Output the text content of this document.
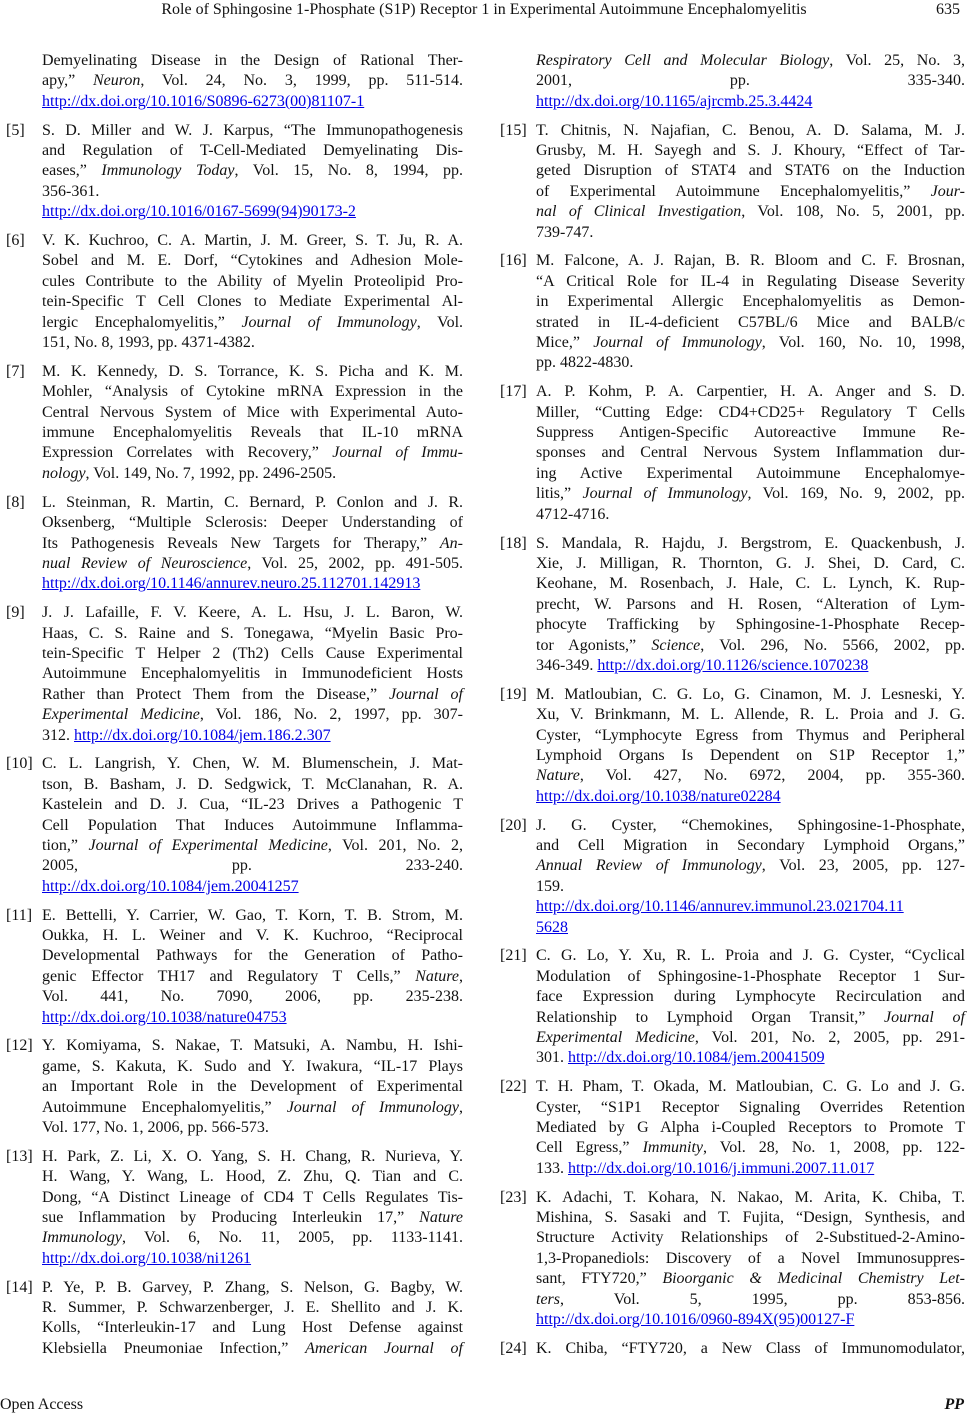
Role of Sphingosine 1-Phosphate (S1P) Receptor 1 in Experimental Autoimmune Encephalomyelitis	635
Demyelinating Disease in the Design of Rational Ther-
apy,” Neuron, Vol. 24, No. 3, 1999, pp. 511-514.
http://dx.doi.org/10.1016/S0896-6273(00)81107-1
[5]	S. D. Miller and W. J. Karpus, “The Immunopathogenesis
and Regulation of T-Cell-Mediated Demyelinating Dis-
eases,” Immunology Today, Vol. 15, No. 8, 1994, pp.
356-361.
http://dx.doi.org/10.1016/0167-5699(94)90173-2
[6]	V. K. Kuchroo, C. A. Martin, J. M. Greer, S. T. Ju, R. A.
Sobel and M. E. Dorf, “Cytokines and Adhesion Mole-
cules Contribute to the Ability of Myelin Proteolipid Pro-
tein-Specific T Cell Clones to Mediate Experimental Al-
lergic Encephalomyelitis,” Journal of Immunology, Vol.
151, No. 8, 1993, pp. 4371-4382.
[7]	M. K. Kennedy, D. S. Torrance, K. S. Picha and K. M.
Mohler, “Analysis of Cytokine mRNA Expression in the
Central Nervous System of Mice with Experimental Auto-
immune Encephalomyelitis Reveals that IL-10 mRNA
Expression Correlates with Recovery,” Journal of Immu-
nology, Vol. 149, No. 7, 1992, pp. 2496-2505.
[8]	L. Steinman, R. Martin, C. Bernard, P. Conlon and J. R.
Oksenberg, “Multiple Sclerosis: Deeper Understanding of
Its Pathogenesis Reveals New Targets for Therapy,” An-
nual Review of Neuroscience, Vol. 25, 2002, pp. 491-505.
http://dx.doi.org/10.1146/annurev.neuro.25.112701.142913
[9]	J. J. Lafaille, F. V. Keere, A. L. Hsu, J. L. Baron, W.
Haas, C. S. Raine and S. Tonegawa, “Myelin Basic Pro-
tein-Specific T Helper 2 (Th2) Cells Cause Experimental
Autoimmune Encephalomyelitis in Immunodeficient Hosts
Rather than Protect Them from the Disease,” Journal of
Experimental Medicine, Vol. 186, No. 2, 1997, pp. 307-
312. http://dx.doi.org/10.1084/jem.186.2.307
[10] C. L. Langrish, Y. Chen, W. M. Blumenschein, J. Mat-
tson, B. Basham, J. D. Sedgwick, T. McClanahan, R. A.
Kastelein and D. J. Cua, “IL-23 Drives a Pathogenic T
Cell Population That Induces Autoimmune Inflamma-
tion,” Journal of Experimental Medicine, Vol. 201, No. 2,
2005, pp. 233-240.
http://dx.doi.org/10.1084/jem.20041257
[11] E. Bettelli, Y. Carrier, W. Gao, T. Korn, T. B. Strom, M.
Oukka, H. L. Weiner and V. K. Kuchroo, “Reciprocal
Developmental Pathways for the Generation of Patho-
genic Effector TH17 and Regulatory T Cells,” Nature,
Vol. 441, No. 7090, 2006, pp. 235-238.
http://dx.doi.org/10.1038/nature04753
[12] Y. Komiyama, S. Nakae, T. Matsuki, A. Nambu, H. Ishi-
game, S. Kakuta, K. Sudo and Y. Iwakura, “IL-17 Plays
an Important Role in the Development of Experimental
Autoimmune Encephalomyelitis,” Journal of Immunology,
Vol. 177, No. 1, 2006, pp. 566-573.
[13] H. Park, Z. Li, X. O. Yang, S. H. Chang, R. Nurieva, Y.
H. Wang, Y. Wang, L. Hood, Z. Zhu, Q. Tian and C.
Dong, “A Distinct Lineage of CD4 T Cells Regulates Tis-
sue Inflammation by Producing Interleukin 17,” Nature
Immunology, Vol. 6, No. 11, 2005, pp. 1133-1141.
http://dx.doi.org/10.1038/ni1261
[14] P. Ye, P. B. Garvey, P. Zhang, S. Nelson, G. Bagby, W.
R. Summer, P. Schwarzenberger, J. E. Shellito and J. K.
Kolls, “Interleukin-17 and Lung Host Defense against
Klebsiella Pneumoniae Infection,” American Journal of
Respiratory Cell and Molecular Biology, Vol. 25, No. 3,
2001, pp. 335-340.
http://dx.doi.org/10.1165/ajrcmb.25.3.4424
[15] T. Chitnis, N. Najafian, C. Benou, A. D. Salama, M. J.
Grusby, M. H. Sayegh and S. J. Khoury, “Effect of Tar-
geted Disruption of STAT4 and STAT6 on the Induction
of Experimental Autoimmune Encephalomyelitis,” Jour-
nal of Clinical Investigation, Vol. 108, No. 5, 2001, pp.
739-747.
[16] M. Falcone, A. J. Rajan, B. R. Bloom and C. F. Brosnan,
“A Critical Role for IL-4 in Regulating Disease Severity
in Experimental Allergic Encephalomyelitis as Demon-
strated in IL-4-deficient C57BL/6 Mice and BALB/c
Mice,” Journal of Immunology, Vol. 160, No. 10, 1998,
pp. 4822-4830.
[17] A. P. Kohm, P. A. Carpentier, H. A. Anger and S. D.
Miller, “Cutting Edge: CD4+CD25+ Regulatory T Cells
Suppress Antigen-Specific Autoreactive Immune Re-
sponses and Central Nervous System Inflammation dur-
ing Active Experimental Autoimmune Encephalomye-
litis,” Journal of Immunology, Vol. 169, No. 9, 2002, pp.
4712-4716.
[18] S. Mandala, R. Hajdu, J. Bergstrom, E. Quackenbush, J.
Xie, J. Milligan, R. Thornton, G. J. Shei, D. Card, C.
Keohane, M. Rosenbach, J. Hale, C. L. Lynch, K. Rup-
precht, W. Parsons and H. Rosen, “Alteration of Lym-
phocyte Trafficking by Sphingosine-1-Phosphate Recep-
tor Agonists,” Science, Vol. 296, No. 5566, 2002, pp.
346-349. http://dx.doi.org/10.1126/science.1070238
[19] M. Matloubian, C. G. Lo, G. Cinamon, M. J. Lesneski, Y.
Xu, V. Brinkmann, M. L. Allende, R. L. Proia and J. G.
Cyster, “Lymphocyte Egress from Thymus and Peripheral
Lymphoid Organs Is Dependent on S1P Receptor 1,”
Nature, Vol. 427, No. 6972, 2004, pp. 355-360.
http://dx.doi.org/10.1038/nature02284
[20] J. G. Cyster, “Chemokines, Sphingosine-1-Phosphate,
and Cell Migration in Secondary Lymphoid Organs,”
Annual Review of Immunology, Vol. 23, 2005, pp. 127-
159.
http://dx.doi.org/10.1146/annurev.immunol.23.021704.11
5628
[21] C. G. Lo, Y. Xu, R. L. Proia and J. G. Cyster, “Cyclical
Modulation of Sphingosine-1-Phosphate Receptor 1 Sur-
face Expression during Lymphocyte Recirculation and
Relationship to Lymphoid Organ Transit,” Journal of
Experimental Medicine, Vol. 201, No. 2, 2005, pp. 291-
301. http://dx.doi.org/10.1084/jem.20041509
[22] T. H. Pham, T. Okada, M. Matloubian, C. G. Lo and J. G.
Cyster, “S1P1 Receptor Signaling Overrides Retention
Mediated by G Alpha i-Coupled Receptors to Promote T
Cell Egress,” Immunity, Vol. 28, No. 1, 2008, pp. 122-
133. http://dx.doi.org/10.1016/j.immuni.2007.11.017
[23] K. Adachi, T. Kohara, N. Nakao, M. Arita, K. Chiba, T.
Mishina, S. Sasaki and T. Fujita, “Design, Synthesis, and
Structure Activity Relationships of 2-Substitued-2-Amino-
1,3-Propanediols: Discovery of a Novel Immunosuppres-
sant, FTY720,” Bioorganic & Medicinal Chemistry Let-
ters, Vol. 5, 1995, pp. 853-856.
http://dx.doi.org/10.1016/0960-894X(95)00127-F
[24] K. Chiba, “FTY720, a New Class of Immunomodulator,
Open Access	PP
